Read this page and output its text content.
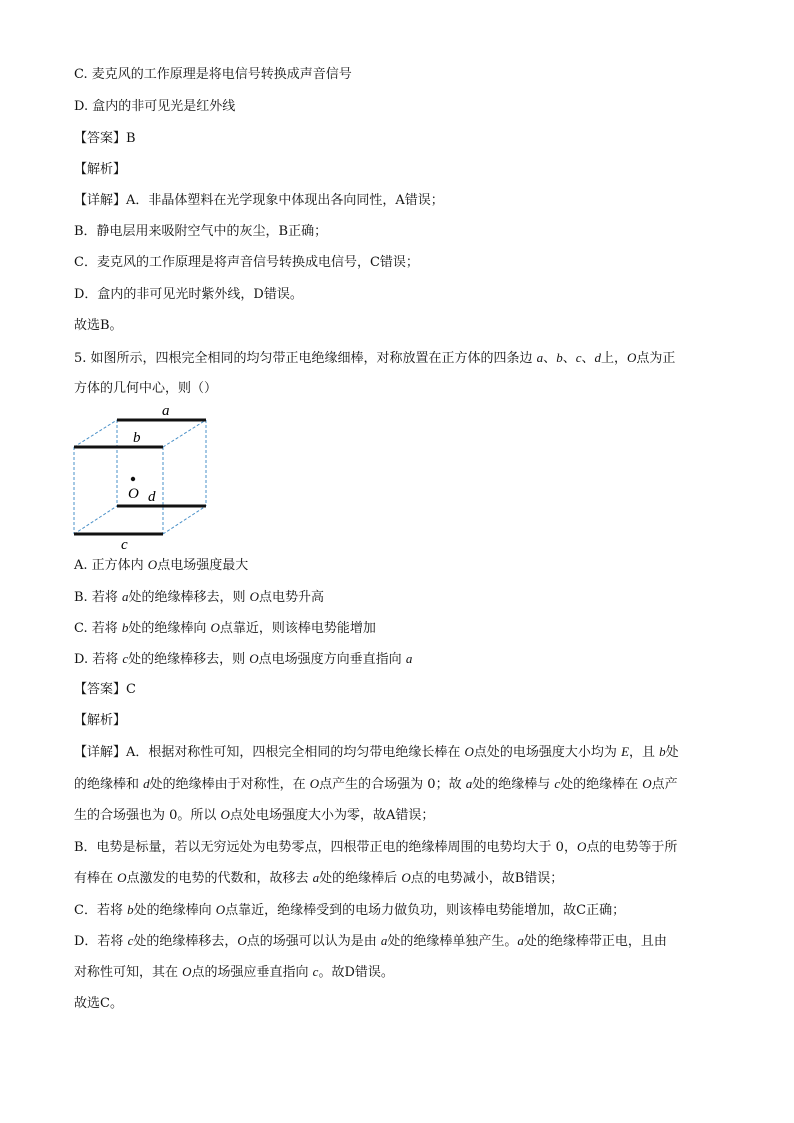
C. 麦克风的工作原理是将电信号转换成声音信号

D. 盒内的非可见光是红外线

【答案】B

【解析】

【详解】A．非晶体塑料在光学现象中体现出各向同性，A错误；

B．静电层用来吸附空气中的灰尘，B正确；

C．麦克风的工作原理是将声音信号转换成电信号，C错误；

D．盒内的非可见光时紫外线，D错误。

故选B。

5. 如图所示，四根完全相同的均匀带正电绝缘细棒，对称放置在正方体的四条边 a、b、c、d上，O点为正

方体的几何中心，则（）

a
b
O d
c

A. 正方体内 O点电场强度最大

B. 若将 a处的绝缘棒移去，则 O点电势升高

C. 若将 b处的绝缘棒向 O点靠近，则该棒电势能增加

D. 若将 c处的绝缘棒移去，则 O点电场强度方向垂直指向 a

【答案】C

【解析】

【详解】A．根据对称性可知，四根完全相同的均匀带电绝缘长棒在 O点处的电场强度大小均为 E，且 b处

的绝缘棒和 d处的绝缘棒由于对称性，在 O点产生的合场强为 0；故 a处的绝缘棒与 c处的绝缘棒在 O点产

生的合场强也为 0。所以 O点处电场强度大小为零，故A错误；

B．电势是标量，若以无穷远处为电势零点，四根带正电的绝缘棒周围的电势均大于 0，O点的电势等于所

有棒在 O点激发的电势的代数和，故移去 a处的绝缘棒后 O点的电势减小，故B错误；

C．若将 b处的绝缘棒向 O点靠近，绝缘棒受到的电场力做负功，则该棒电势能增加，故C正确；

D．若将 c处的绝缘棒移去，O点的场强可以认为是由 a处的绝缘棒单独产生。a处的绝缘棒带正电，且由

对称性可知，其在 O点的场强应垂直指向 c。故D错误。

故选C。
